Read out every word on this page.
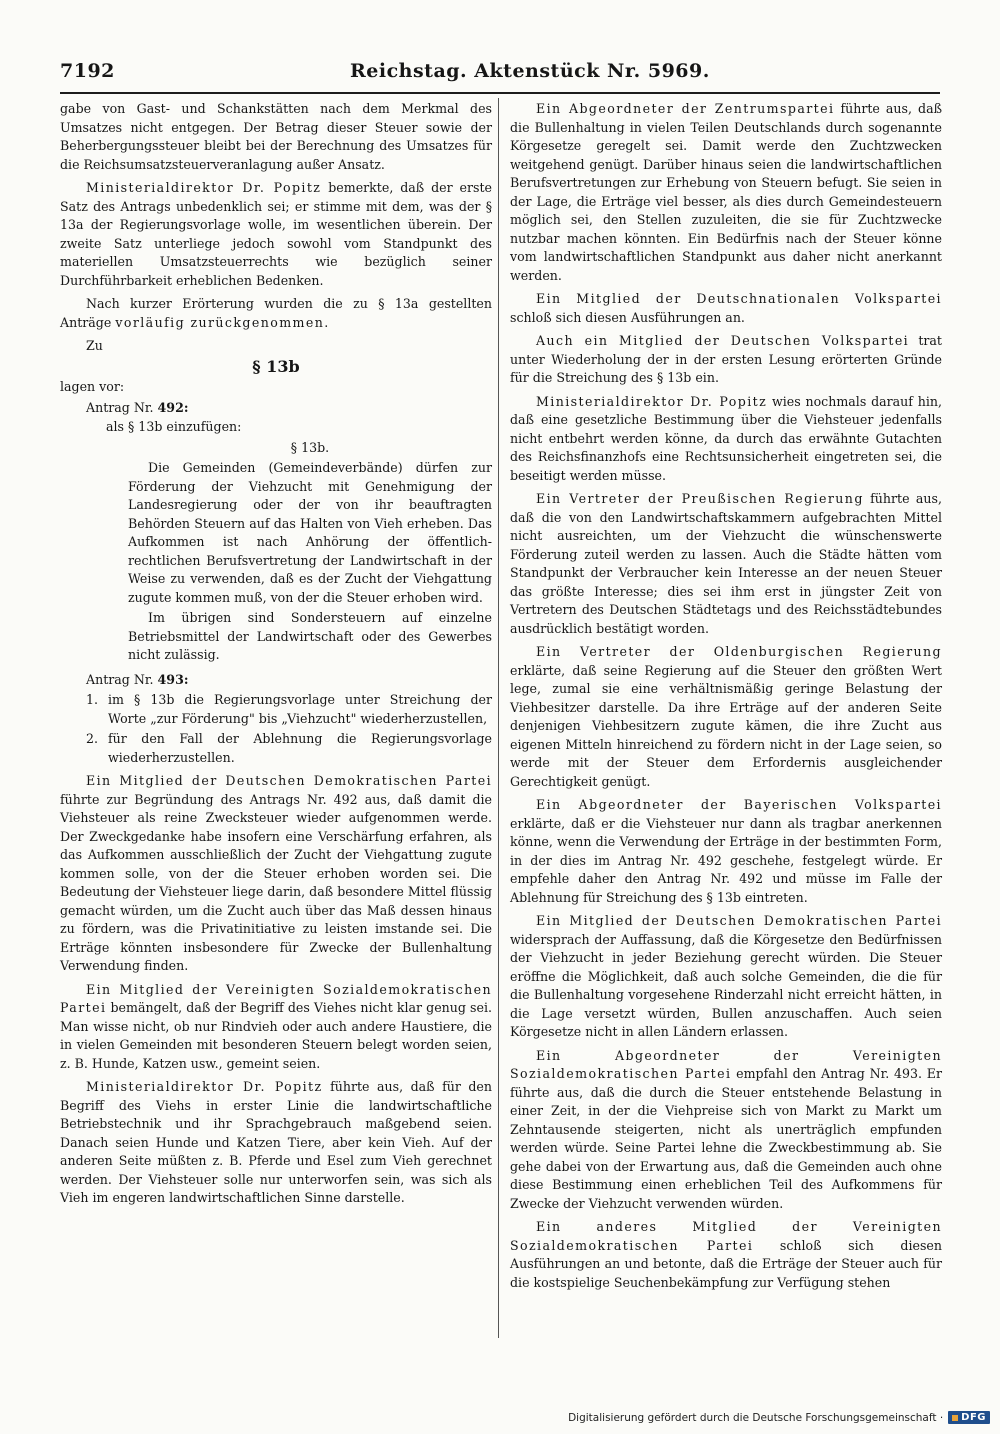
7192	Reichstag. Aktenstück Nr. 5969.

gabe von Gast- und Schankstätten nach dem Merkmal des Umsatzes nicht entgegen. Der Betrag dieser Steuer sowie der Beherbergungssteuer bleibt bei der Berechnung des Umsatzes für die Reichsumsatzsteuerveranlagung außer Ansatz.

Ministerialdirektor Dr. Popitz bemerkte, daß der erste Satz des Antrags unbedenklich sei; er stimme mit dem, was der § 13a der Regierungsvorlage wolle, im wesentlichen überein. Der zweite Satz unterliege jedoch sowohl vom Standpunkt des materiellen Umsatzsteuerrechts wie bezüglich seiner Durchführbarkeit erheblichen Bedenken.

Nach kurzer Erörterung wurden die zu § 13a gestellten Anträge vorläufig zurückgenommen.

Zu

§ 13b

lagen vor:

Antrag Nr. 492:
als § 13b einzufügen:
§ 13b.

Die Gemeinden (Gemeindeverbände) dürfen zur Förderung der Viehzucht mit Genehmigung der Landesregierung oder der von ihr beauftragten Behörden Steuern auf das Halten von Vieh erheben. Das Aufkommen ist nach Anhörung der öffentlich-rechtlichen Berufsvertretung der Landwirtschaft in der Weise zu verwenden, daß es der Zucht der Viehgattung zugute kommen muß, von der die Steuer erhoben wird.

Im übrigen sind Sondersteuern auf einzelne Betriebsmittel der Landwirtschaft oder des Gewerbes nicht zulässig.

Antrag Nr. 493:
1. im § 13b die Regierungsvorlage unter Streichung der Worte „zur Förderung" bis „Viehzucht" wiederherzustellen,
2. für den Fall der Ablehnung die Regierungsvorlage wiederherzustellen.

Ein Mitglied der Deutschen Demokratischen Partei führte zur Begründung des Antrags Nr. 492 aus, daß damit die Viehsteuer als reine Zwecksteuer wieder aufgenommen werde. Der Zweckgedanke habe insofern eine Verschärfung erfahren, als das Aufkommen ausschließlich der Zucht der Viehgattung zugute kommen solle, von der die Steuer erhoben worden sei. Die Bedeutung der Viehsteuer liege darin, daß besondere Mittel flüssig gemacht würden, um die Zucht auch über das Maß dessen hinaus zu fördern, was die Privatinitiative zu leisten imstande sei. Die Erträge könnten insbesondere für Zwecke der Bullenhaltung Verwendung finden.

Ein Mitglied der Vereinigten Sozialdemokratischen Partei bemängelt, daß der Begriff des Viehes nicht klar genug sei. Man wisse nicht, ob nur Rindvieh oder auch andere Haustiere, die in vielen Gemeinden mit besonderen Steuern belegt worden seien, z. B. Hunde, Katzen usw., gemeint seien.

Ministerialdirektor Dr. Popitz führte aus, daß für den Begriff des Viehs in erster Linie die landwirtschaftliche Betriebstechnik und ihr Sprachgebrauch maßgebend seien. Danach seien Hunde und Katzen Tiere, aber kein Vieh. Auf der anderen Seite müßten z. B. Pferde und Esel zum Vieh gerechnet werden. Der Viehsteuer solle nur unterworfen sein, was sich als Vieh im engeren landwirtschaftlichen Sinne darstelle.

Ein Abgeordneter der Zentrumspartei führte aus, daß die Bullenhaltung in vielen Teilen Deutschlands durch sogenannte Körgesetze geregelt sei. Damit werde den Zuchtzwecken weitgehend genügt. Darüber hinaus seien die landwirtschaftlichen Berufsvertretungen zur Erhebung von Steuern befugt. Sie seien in der Lage, die Erträge viel besser, als dies durch Gemeindesteuern möglich sei, den Stellen zuzuleiten, die sie für Zuchtzwecke nutzbar machen könnten. Ein Bedürfnis nach der Steuer könne vom landwirtschaftlichen Standpunkt aus daher nicht anerkannt werden.

Ein Mitglied der Deutschnationalen Volkspartei schloß sich diesen Ausführungen an.

Auch ein Mitglied der Deutschen Volkspartei trat unter Wiederholung der in der ersten Lesung erörterten Gründe für die Streichung des § 13b ein.

Ministerialdirektor Dr. Popitz wies nochmals darauf hin, daß eine gesetzliche Bestimmung über die Viehsteuer jedenfalls nicht entbehrt werden könne, da durch das erwähnte Gutachten des Reichsfinanzhofs eine Rechtsunsicherheit eingetreten sei, die beseitigt werden müsse.

Ein Vertreter der Preußischen Regierung führte aus, daß die von den Landwirtschaftskammern aufgebrachten Mittel nicht ausreichten, um der Viehzucht die wünschenswerte Förderung zuteil werden zu lassen. Auch die Städte hätten vom Standpunkt der Verbraucher kein Interesse an der neuen Steuer das größte Interesse; dies sei ihm erst in jüngster Zeit von Vertretern des Deutschen Städtetags und des Reichsstädtebundes ausdrücklich bestätigt worden.

Ein Vertreter der Oldenburgischen Regierung erklärte, daß seine Regierung auf die Steuer den größten Wert lege, zumal sie eine verhältnismäßig geringe Belastung der Viehbesitzer darstelle. Da ihre Erträge auf der anderen Seite denjenigen Viehbesitzern zugute kämen, die ihre Zucht aus eigenen Mitteln hinreichend zu fördern nicht in der Lage seien, so werde mit der Steuer dem Erfordernis ausgleichender Gerechtigkeit genügt.

Ein Abgeordneter der Bayerischen Volkspartei erklärte, daß er die Viehsteuer nur dann als tragbar anerkennen könne, wenn die Verwendung der Erträge in der bestimmten Form, in der dies im Antrag Nr. 492 geschehe, festgelegt würde. Er empfehle daher den Antrag Nr. 492 und müsse im Falle der Ablehnung für Streichung des § 13b eintreten.

Ein Mitglied der Deutschen Demokratischen Partei widersprach der Auffassung, daß die Körgesetze den Bedürfnissen der Viehzucht in jeder Beziehung gerecht würden. Die Steuer eröffne die Möglichkeit, daß auch solche Gemeinden, die die für die Bullenhaltung vorgesehene Rinderzahl nicht erreicht hätten, in die Lage versetzt würden, Bullen anzuschaffen. Auch seien Körgesetze nicht in allen Ländern erlassen.

Ein Abgeordneter der Vereinigten Sozialdemokratischen Partei empfahl den Antrag Nr. 493. Er führte aus, daß die durch die Steuer entstehende Belastung in einer Zeit, in der die Viehpreise sich von Markt zu Markt um Zehntausende steigerten, nicht als unerträglich empfunden werden würde. Seine Partei lehne die Zweckbestimmung ab. Sie gehe dabei von der Erwartung aus, daß die Gemeinden auch ohne diese Bestimmung einen erheblichen Teil des Aufkommens für Zwecke der Viehzucht verwenden würden.

Ein anderes Mitglied der Vereinigten Sozialdemokratischen Partei schloß sich diesen Ausführungen an und betonte, daß die Erträge der Steuer auch für die kostspielige Seuchenbekämpfung zur Verfügung stehen

Digitalisierung gefördert durch die Deutsche Forschungsgemeinschaft · DFG
